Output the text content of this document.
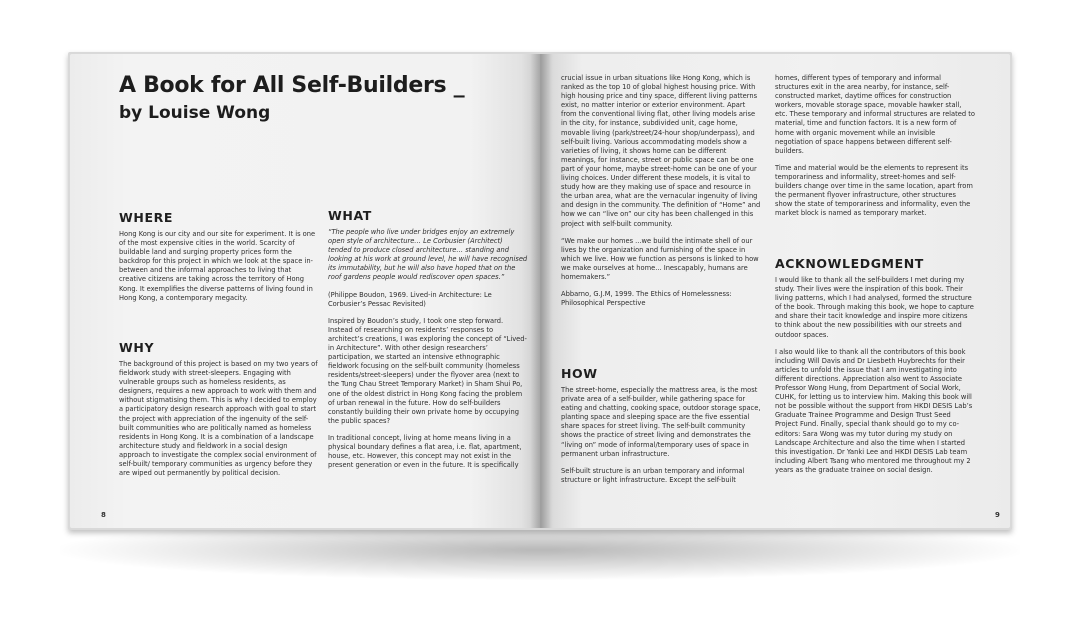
A Book for All Self-Builders _
by Louise Wong
WHERE

Hong Kong is our city and our site for experiment. It is one of the most expensive cities in the world. Scarcity of buildable land and surging property prices form the backdrop for this project in which we look at the space in-between and the informal approaches to living that creative citizens are taking across the territory of Hong Kong. It exemplifies the diverse patterns of living found in Hong Kong, a contemporary megacity.

WHY

The background of this project is based on my two years of fieldwork study with street-sleepers. Engaging with vulnerable groups such as homeless residents, as designers, requires a new approach to work with them and without stigmatising them. This is why I decided to employ a participatory design research approach with goal to start the project with appreciation of the ingenuity of the self-built communities who are politically named as homeless residents in Hong Kong. It is a combination of a landscape architecture study and fieldwork in a social design approach to investigate the complex social environment of self-built/ temporary communities as urgency before they are wiped out permanently by political decision.

WHAT

“The people who live under bridges enjoy an extremely open style of architecture… Le Corbusier (Architect) tended to produce closed architecture… standing and looking at his work at ground level, he will have recognised its immutability, but he will also have hoped that on the roof gardens people would rediscover open spaces.”

(Philippe Boudon, 1969. Lived-in Architecture: Le Corbusier’s Pessac Revisited)

Inspired by Boudon’s study, I took one step forward. Instead of researching on residents’ responses to architect’s creations, I was exploring the concept of “Lived-in Architecture”. With other design researchers’ participation, we started an intensive ethnographic fieldwork focusing on the self-built community (homeless residents/street-sleepers) under the flyover area (next to the Tung Chau Street Temporary Market) in Sham Shui Po, one of the oldest district in Hong Kong facing the problem of urban renewal in the future. How do self-builders constantly building their own private home by occupying the public spaces?

In traditional concept, living at home means living in a physical boundary defines a flat area, i.e. flat, apartment, house, etc. However, this concept may not exist in the present generation or even in the future. It is specifically

8

crucial issue in urban situations like Hong Kong, which is ranked as the top 10 of global highest housing price. With high housing price and tiny space, different living patterns exist, no matter interior or exterior environment. Apart from the conventional living flat, other living models arise in the city, for instance, subdivided unit, cage home, movable living (park/street/24-hour shop/underpass), and self-built living. Various accommodating models show a varieties of living, it shows home can be different meanings, for instance, street or public space can be one part of your home, maybe street-home can be one of your living choices. Under different these models, it is vital to study how are they making use of space and resource in the urban area, what are the vernacular ingenuity of living and design in the community. The definition of “Home” and how we can “live on” our city has been challenged in this project with self-built community.

“We make our homes ...we build the intimate shell of our lives by the organization and furnishing of the space in which we live. How we function as persons is linked to how we make ourselves at home... Inescapably, humans are homemakers.”

Abbarno, G.J.M, 1999. The Ethics of Homelessness: Philosophical Perspective

HOW

The street-home, especially the mattress area, is the most private area of a self-builder, while gathering space for eating and chatting, cooking space, outdoor storage space, planting space and sleeping space are the five essential share spaces for street living. The self-built community shows the practice of street living and demonstrates the “living on” mode of informal/temporary uses of space in permanent urban infrastructure.

Self-built structure is an urban temporary and informal structure or light infrastructure. Except the self-built

homes, different types of temporary and informal structures exit in the area nearby, for instance, self-constructed market, daytime offices for construction workers, movable storage space, movable hawker stall, etc. These temporary and informal structures are related to material, time and function factors. It is a new form of home with organic movement while an invisible negotiation of space happens between different self-builders.

Time and material would be the elements to represent its temporariness and informality, street-homes and self-builders change over time in the same location, apart from the permanent flyover infrastructure, other structures show the state of temporariness and informality, even the market block is named as temporary market.

ACKNOWLEDGMENT

I would like to thank all the self-builders I met during my study. Their lives were the inspiration of this book. Their living patterns, which I had analysed, formed the structure of the book. Through making this book, we hope to capture and share their tacit knowledge and inspire more citizens to think about the new possibilities with our streets and outdoor spaces.

I also would like to thank all the contributors of this book including Will Davis and Dr Liesbeth Huybrechts for their articles to unfold the issue that I am investigating into different directions. Appreciation also went to Associate Professor Wong Hung, from Department of Social Work, CUHK, for letting us to interview him. Making this book will not be possible without the support from HKDI DESIS Lab’s Graduate Trainee Programme and Design Trust Seed Project Fund. Finally, special thank should go to my co-editors: Sara Wong was my tutor during my study on Landscape Architecture and also the time when I started this investigation. Dr Yanki Lee and HKDI DESIS Lab team including Albert Tsang who mentored me throughout my 2 years as the graduate trainee on social design.

9
